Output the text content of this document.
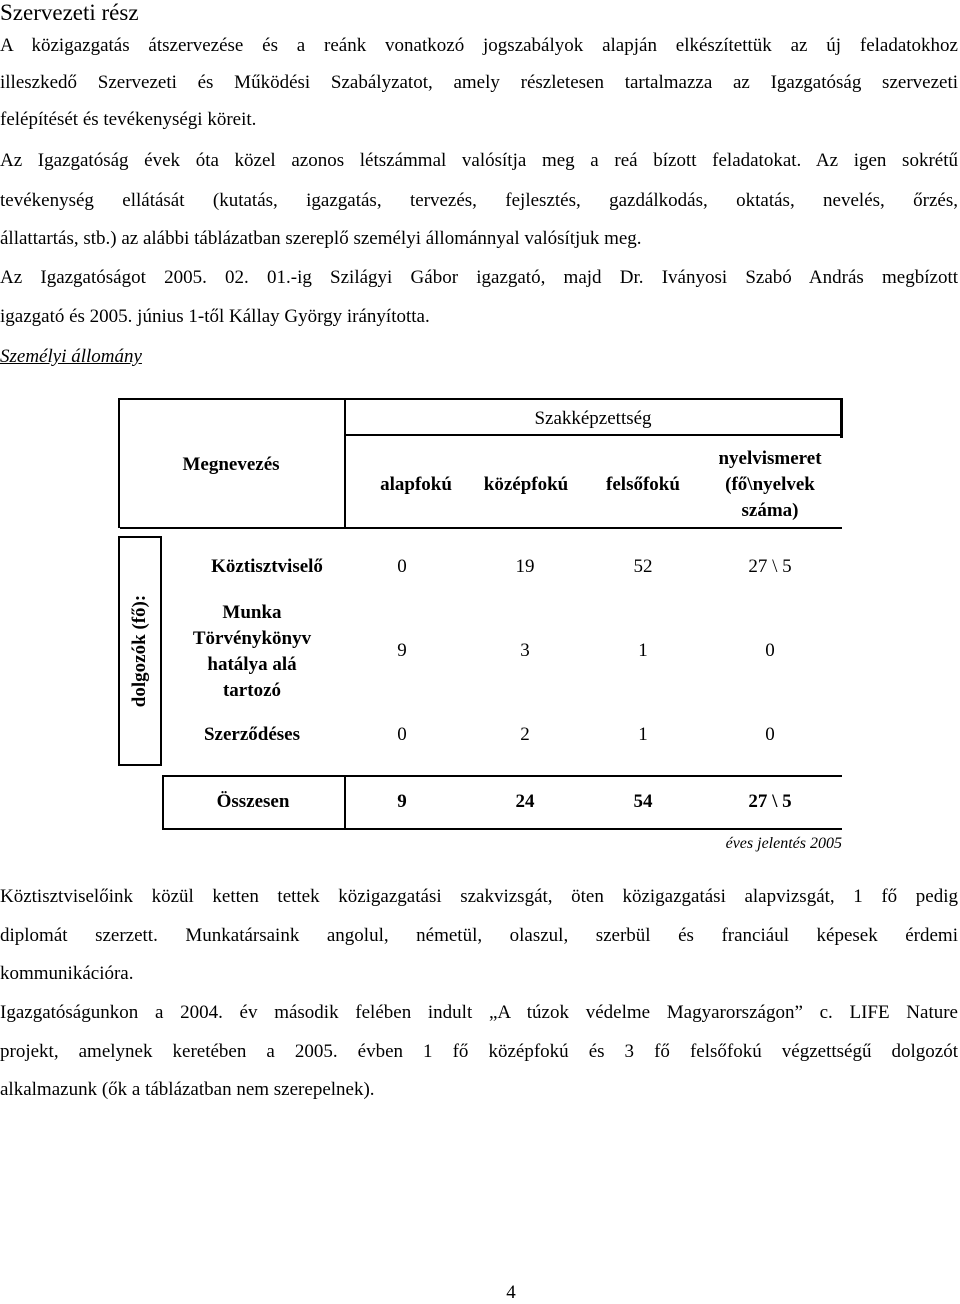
Szervezeti rész
A közigazgatás átszervezése és a reánk vonatkozó jogszabályok alapján elkészítettük az új feladatokhoz
illeszkedő Szervezeti és Működési Szabályzatot, amely részletesen tartalmazza az Igazgatóság szervezeti
felépítését és tevékenységi köreit.
Az Igazgatóság évek óta közel azonos létszámmal valósítja meg a reá bízott feladatokat. Az igen sokrétű
tevékenység ellátását (kutatás, igazgatás, tervezés, fejlesztés, gazdálkodás, oktatás, nevelés, őrzés,
állattartás, stb.) az alábbi táblázatban szereplő személyi állománnyal valósítjuk meg.
Az Igazgatóságot 2005. 02. 01.-ig Szilágyi Gábor igazgató, majd Dr. Iványosi Szabó András megbízott
igazgató és 2005. június 1-től Kállay György irányította.
Személyi állomány
Szakképzettség
Megnevezés
alapfokú	középfokú	felsőfokú
nyelvismeret
(fő\nyelvek
száma)
dolgozók (fő):
Köztisztviselő	0	19	52	27 \ 5
Munka
Törvénykönyv
hatálya alá
tartozó
9	3	1	0
Szerződéses	0	2	1	0
Összesen	9	24	54	27 \ 5
éves jelentés 2005
Köztisztviselőink közül ketten tettek közigazgatási szakvizsgát, öten közigazgatási alapvizsgát, 1 fő pedig
diplomát szerzett. Munkatársaink angolul, németül, olaszul, szerbül és franciául képesek érdemi
kommunikációra.
Igazgatóságunkon a 2004. év második felében indult „A túzok védelme Magyarországon” c. LIFE Nature
projekt, amelynek keretében a 2005. évben 1 fő középfokú és 3 fő felsőfokú végzettségű dolgozót
alkalmazunk (ők a táblázatban nem szerepelnek).
4
